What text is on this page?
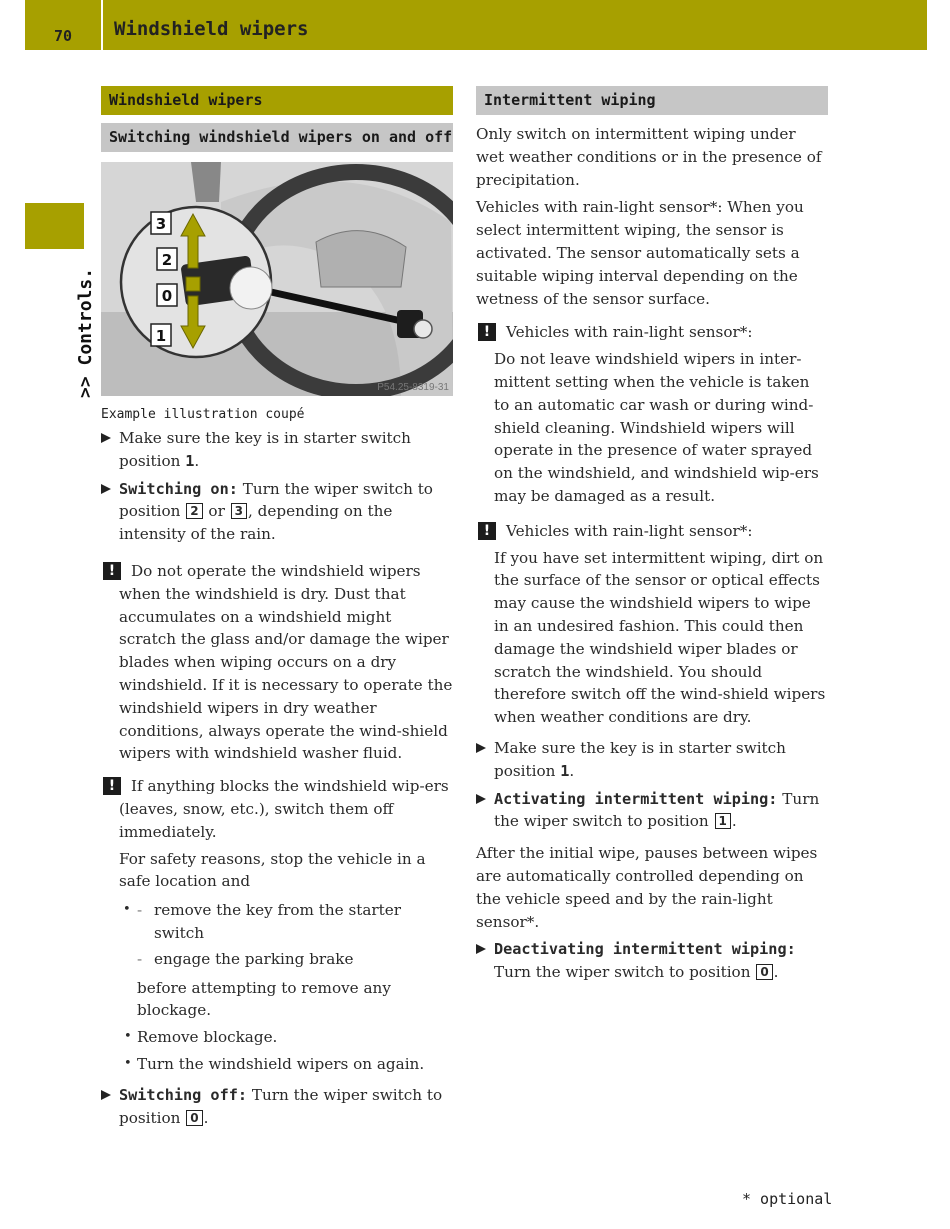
70	Windshield wipers
>> Controls.
Windshield wipers
Switching windshield wipers on and off
3
2
0
1
P54.25-8319-31
Example illustration coupé

Make sure the key is in starter switch position 1.

Switching on: Turn the wiper switch to position 2 or 3 , depending on the intensity of the rain.

!	Do not operate the windshield wipers when the windshield is dry. Dust that accumulates on a windshield might scratch the glass and/or damage the wiper blades when wiping occurs on a dry windshield. If it is necessary to operate the windshield wipers in dry weather conditions, always operate the wind-shield wipers with windshield washer fluid.

!	If anything blocks the windshield wip-ers (leaves, snow, etc.), switch them off immediately.

For safety reasons, stop the vehicle in a safe location and

• - remove the key from the starter switch

- engage the parking brake

before attempting to remove any blockage.

• Remove blockage.

• Turn the windshield wipers on again.

Switching off: Turn the wiper switch to position 0 .

Intermittent wiping

Only switch on intermittent wiping under wet weather conditions or in the presence of precipitation.

Vehicles with rain-light sensor*: When you select intermittent wiping, the sensor is activated. The sensor automatically sets a suitable wiping interval depending on the wetness of the sensor surface.

!	Vehicles with rain-light sensor*:

Do not leave windshield wipers in inter-mittent setting when the vehicle is taken to an automatic car wash or during wind-shield cleaning. Windshield wipers will operate in the presence of water sprayed on the windshield, and windshield wip-ers may be damaged as a result.

!	Vehicles with rain-light sensor*:

If you have set intermittent wiping, dirt on the surface of the sensor or optical effects may cause the windshield wipers to wipe in an undesired fashion. This could then damage the windshield wiper blades or scratch the windshield. You should therefore switch off the wind-shield wipers when weather conditions are dry.

Make sure the key is in starter switch position 1.

Activating intermittent wiping: Turn the wiper switch to position 1 .

After the initial wipe, pauses between wipes are automatically controlled depending on the vehicle speed and by the rain-light sensor*.

Deactivating intermittent wiping: Turn the wiper switch to position 0 .

* optional
